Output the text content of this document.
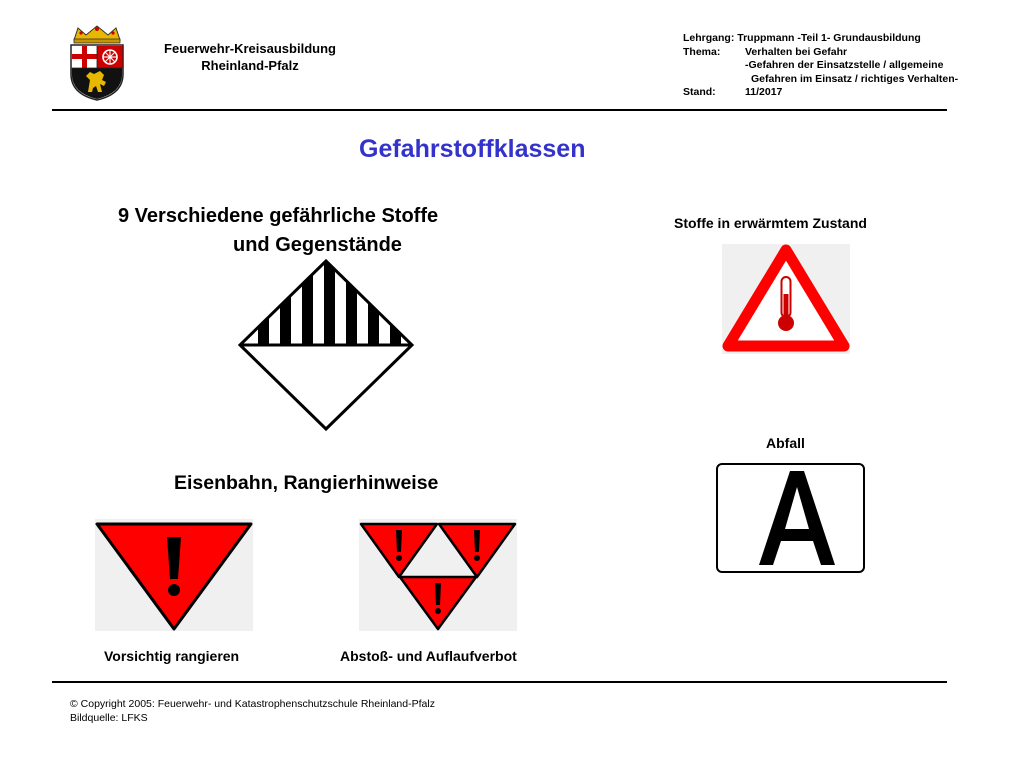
Feuerwehr-Kreisausbildung
Rheinland-Pfalz
Lehrgang: Truppmann -Teil 1- Grundausbildung
Thema:	Verhalten bei Gefahr
-Gefahren der Einsatzstelle / allgemeine
Gefahren im Einsatz / richtiges Verhalten-
Stand:	11/2017
Gefahrstoffklassen
9 Verschiedene gefährliche Stoffe
und Gegenstände
Stoffe in erwärmtem Zustand
Abfall
Eisenbahn, Rangierhinweise
Vorsichtig rangieren	Abstoß- und Auflaufverbot
© Copyright 2005: Feuerwehr- und Katastrophenschutzschule Rheinland-Pfalz
Bildquelle: LFKS
